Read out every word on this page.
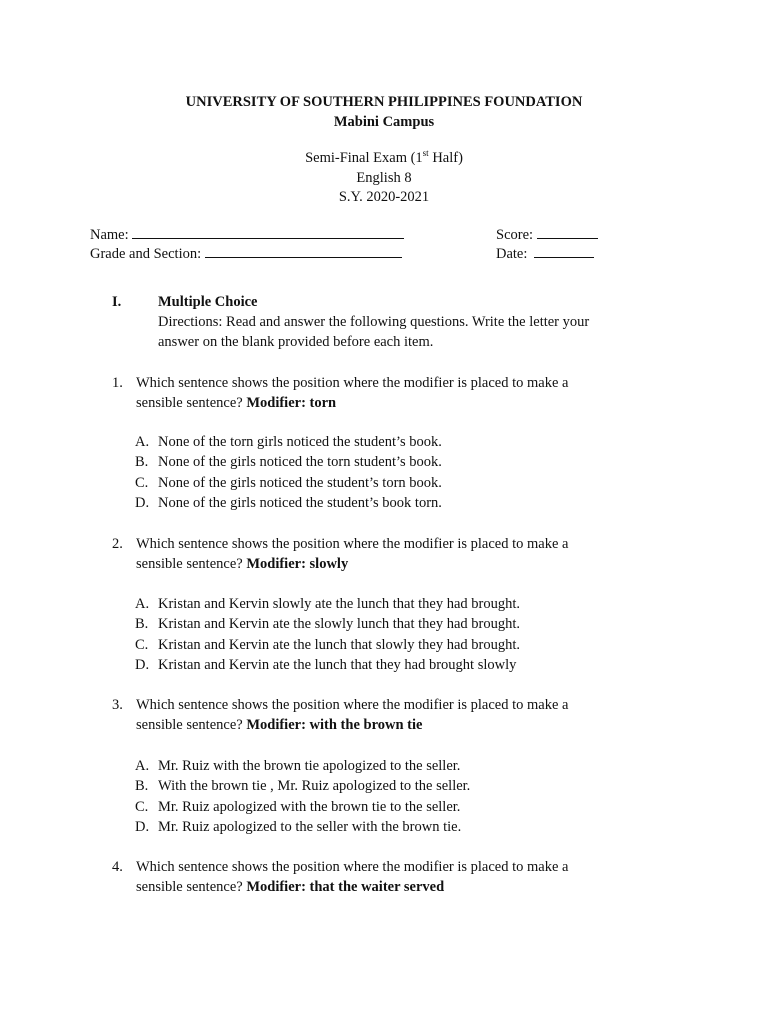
UNIVERSITY OF SOUTHERN PHILIPPINES FOUNDATION
Mabini Campus
Semi-Final Exam (1st Half)
English 8
S.Y. 2020-2021
Name:	Score:
Grade and Section:	Date:
I.	Multiple Choice
Directions: Read and answer the following questions. Write the letter your
answer on the blank provided before each item.
1. Which sentence shows the position where the modifier is placed to make a
sensible sentence? Modifier: torn
A. None of the torn girls noticed the student’s book.
B. None of the girls noticed the torn student’s book.
C. None of the girls noticed the student’s torn book.
D. None of the girls noticed the student’s book torn.
2. Which sentence shows the position where the modifier is placed to make a
sensible sentence? Modifier: slowly
A. Kristan and Kervin slowly ate the lunch that they had brought.
B. Kristan and Kervin ate the slowly lunch that they had brought.
C. Kristan and Kervin ate the lunch that slowly they had brought.
D. Kristan and Kervin ate the lunch that they had brought slowly
3. Which sentence shows the position where the modifier is placed to make a
sensible sentence? Modifier: with the brown tie
A. Mr. Ruiz with the brown tie apologized to the seller.
B. With the brown tie , Mr. Ruiz apologized to the seller.
C. Mr. Ruiz apologized with the brown tie to the seller.
D. Mr. Ruiz apologized to the seller with the brown tie.
4. Which sentence shows the position where the modifier is placed to make a
sensible sentence? Modifier: that the waiter served
